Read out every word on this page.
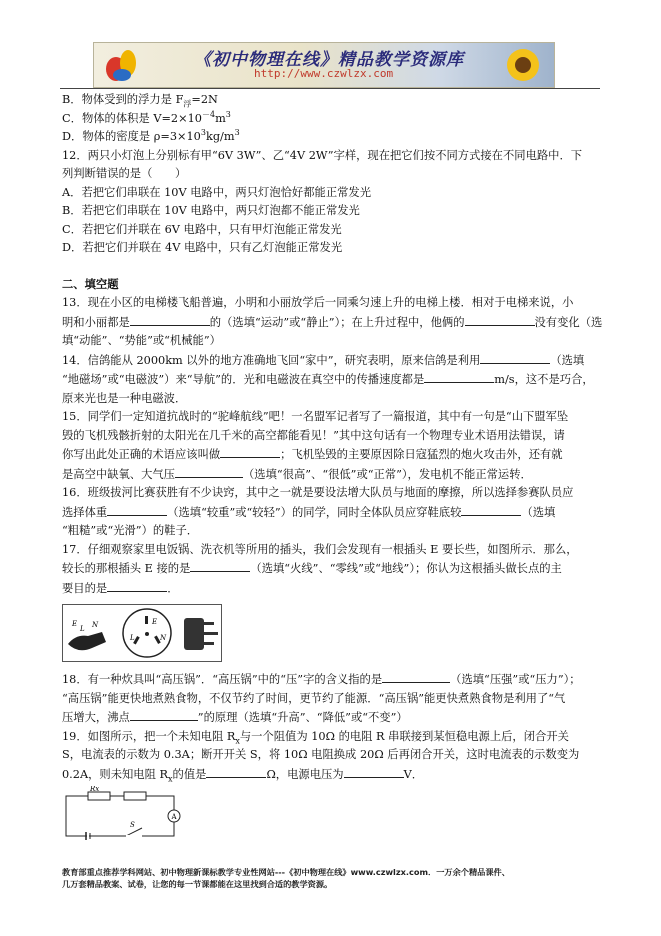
《初中物理在线》精品教学资源库
http://www.czwlzx.com
B．物体受到的浮力是 $F_浮=2N$
C．物体的体积是 $V=2\times 10^{-4}m^3$
D．物体的密度是 $\rho=3\times 10^3kg/m^3$
12．两只小灯泡上分别标有甲“6V 3W”、乙“4V 2W”字样，现在把它们按不同方式接在不同电路中．下
列判断错误的是（　　）
A．若把它们串联在 10V 电路中，两只灯泡恰好都能正常发光
B．若把它们串联在 10V 电路中，两只灯泡都不能正常发光
C．若把它们并联在 6V 电路中，只有甲灯泡能正常发光
D．若把它们并联在 4V 电路中，只有乙灯泡能正常发光
二、填空题
13．现在小区的电梯楼飞船普遍，小明和小丽放学后一同乘匀速上升的电梯上楼．相对于电梯来说，小
明和小丽都是	的（选填“运动”或“静止”）；在上升过程中，他俩的	没有变化（选
填“动能”、“势能”或“机械能”）
14．信鸽能从 2000km 以外的地方准确地飞回“家中”，研究表明，原来信鸽是利用	（选填
“地磁场”或“电磁波”）来“导航”的．光和电磁波在真空中的传播速度都是	m/s，这不是巧合，
原来光也是一种电磁波．
15．同学们一定知道抗战时的“驼峰航线”吧！一名盟军记者写了一篇报道，其中有一句是“山下盟军坠
毁的飞机残骸折射的太阳光在几千米的高空都能看见！”其中这句话有一个物理专业术语用法错误，请
你写出此处正确的术语应该叫做	；飞机坠毁的主要原因除日寇猛烈的炮火攻击外，还有就
是高空中缺氧、大气压	（选填“很高”、“很低”或“正常”），发电机不能正常运转．
16．班级拔河比赛获胜有不少诀窍，其中之一就是要设法增大队员与地面的摩擦，所以选择参赛队员应
选择体重	（选填“较重”或“较轻”）的同学，同时全体队员应穿鞋底较	（选填
“粗糙”或“光滑”）的鞋子．
17．仔细观察家里电饭锅、洗衣机等所用的插头，我们会发现有一根插头 E 要长些，如图所示．那么，
较长的那根插头 E 接的是	（选填“火线”、“零线”或“地线”）；你认为这根插头做长点的主
要目的是	．
E
L N	E
L	N
18．有一种炊具叫“高压锅”．“高压锅”中的“压”字的含义指的是	（选填“压强”或“压力”）；
“高压锅”能更快地煮熟食物，不仅节约了时间，更节约了能源．“高压锅”能更快煮熟食物是利用了“气
压增大，沸点	”的原理（选填“升高”、“降低”或“不变”）
19．如图所示，把一个未知电阻 $R_x$与一个阻值为 10Ω 的电阻 R 串联接到某恒稳电源上后，闭合开关
S，电流表的示数为 0.3A；断开开关 S，将 10Ω 电阻换成 20Ω 后再闭合开关，这时电流表的示数变为
0.2A，则未知电阻 $R_x$的值是	Ω，电源电压为	V．
Rx
A
S
教育部重点推荐学科网站、初中物理新课标教学专业性网站---《初中物理在线》www.czwlzx.com．一万余个精品课件、
几万套精品教案、试卷，让您的每一节课都能在这里找到合适的教学资源。
